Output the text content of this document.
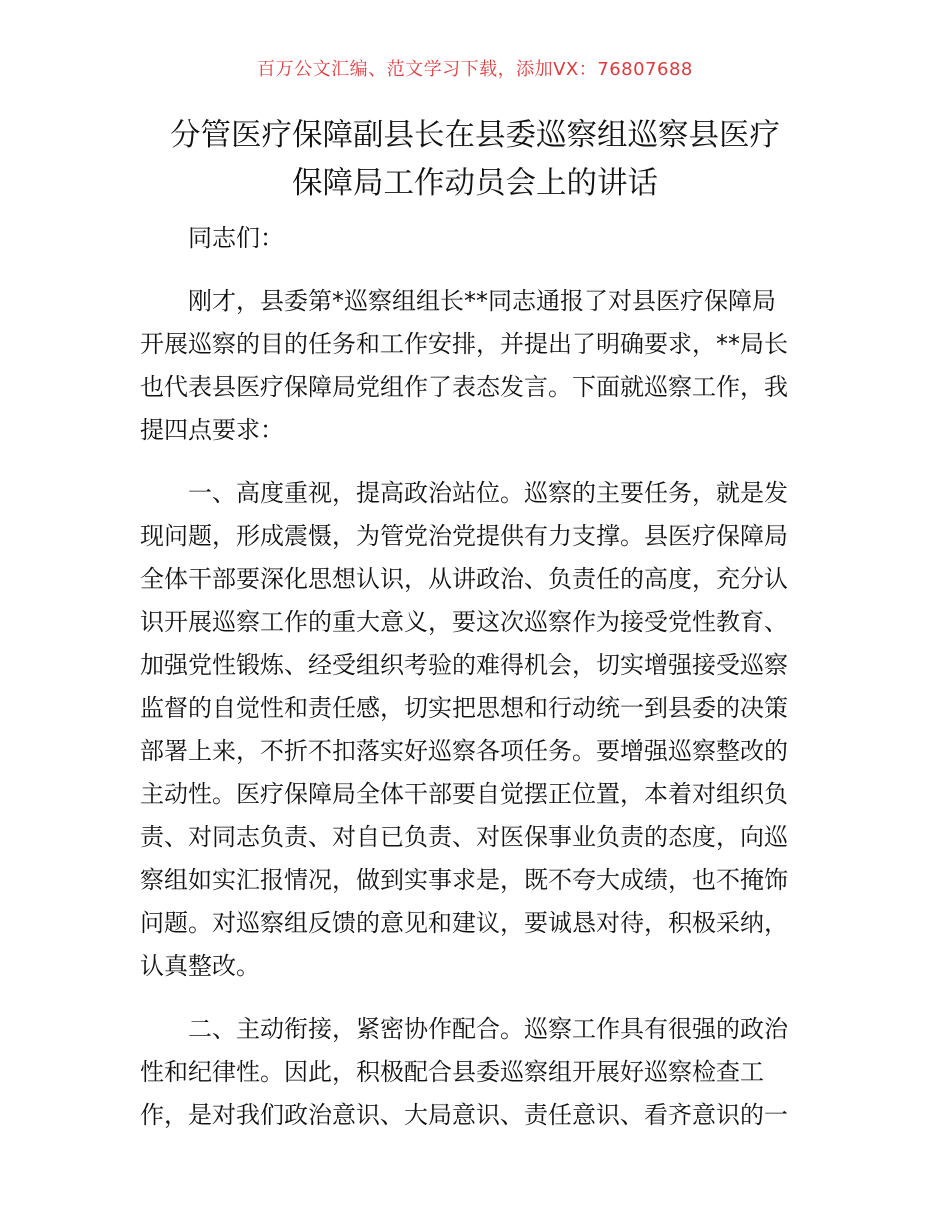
百万公文汇编、范文学习下载，添加VX：76807688
分管医疗保障副县长在县委巡察组巡察县医疗
保障局工作动员会上的讲话
同志们：
刚才，县委第*巡察组组长**同志通报了对县医疗保障局
开展巡察的目的任务和工作安排，并提出了明确要求，**局长
也代表县医疗保障局党组作了表态发言。下面就巡察工作，我
提四点要求：
一、高度重视，提高政治站位。巡察的主要任务，就是发
现问题，形成震慑，为管党治党提供有力支撑。县医疗保障局
全体干部要深化思想认识，从讲政治、负责任的高度，充分认
识开展巡察工作的重大意义，要这次巡察作为接受党性教育、
加强党性锻炼、经受组织考验的难得机会，切实增强接受巡察
监督的自觉性和责任感，切实把思想和行动统一到县委的决策
部署上来，不折不扣落实好巡察各项任务。要增强巡察整改的
主动性。医疗保障局全体干部要自觉摆正位置，本着对组织负
责、对同志负责、对自已负责、对医保事业负责的态度，向巡
察组如实汇报情况，做到实事求是，既不夸大成绩，也不掩饰
问题。对巡察组反馈的意见和建议，要诚恳对待，积极采纳，
认真整改。
二、主动衔接，紧密协作配合。巡察工作具有很强的政治
性和纪律性。因此，积极配合县委巡察组开展好巡察检查工
作，是对我们政治意识、大局意识、责任意识、看齐意识的一
